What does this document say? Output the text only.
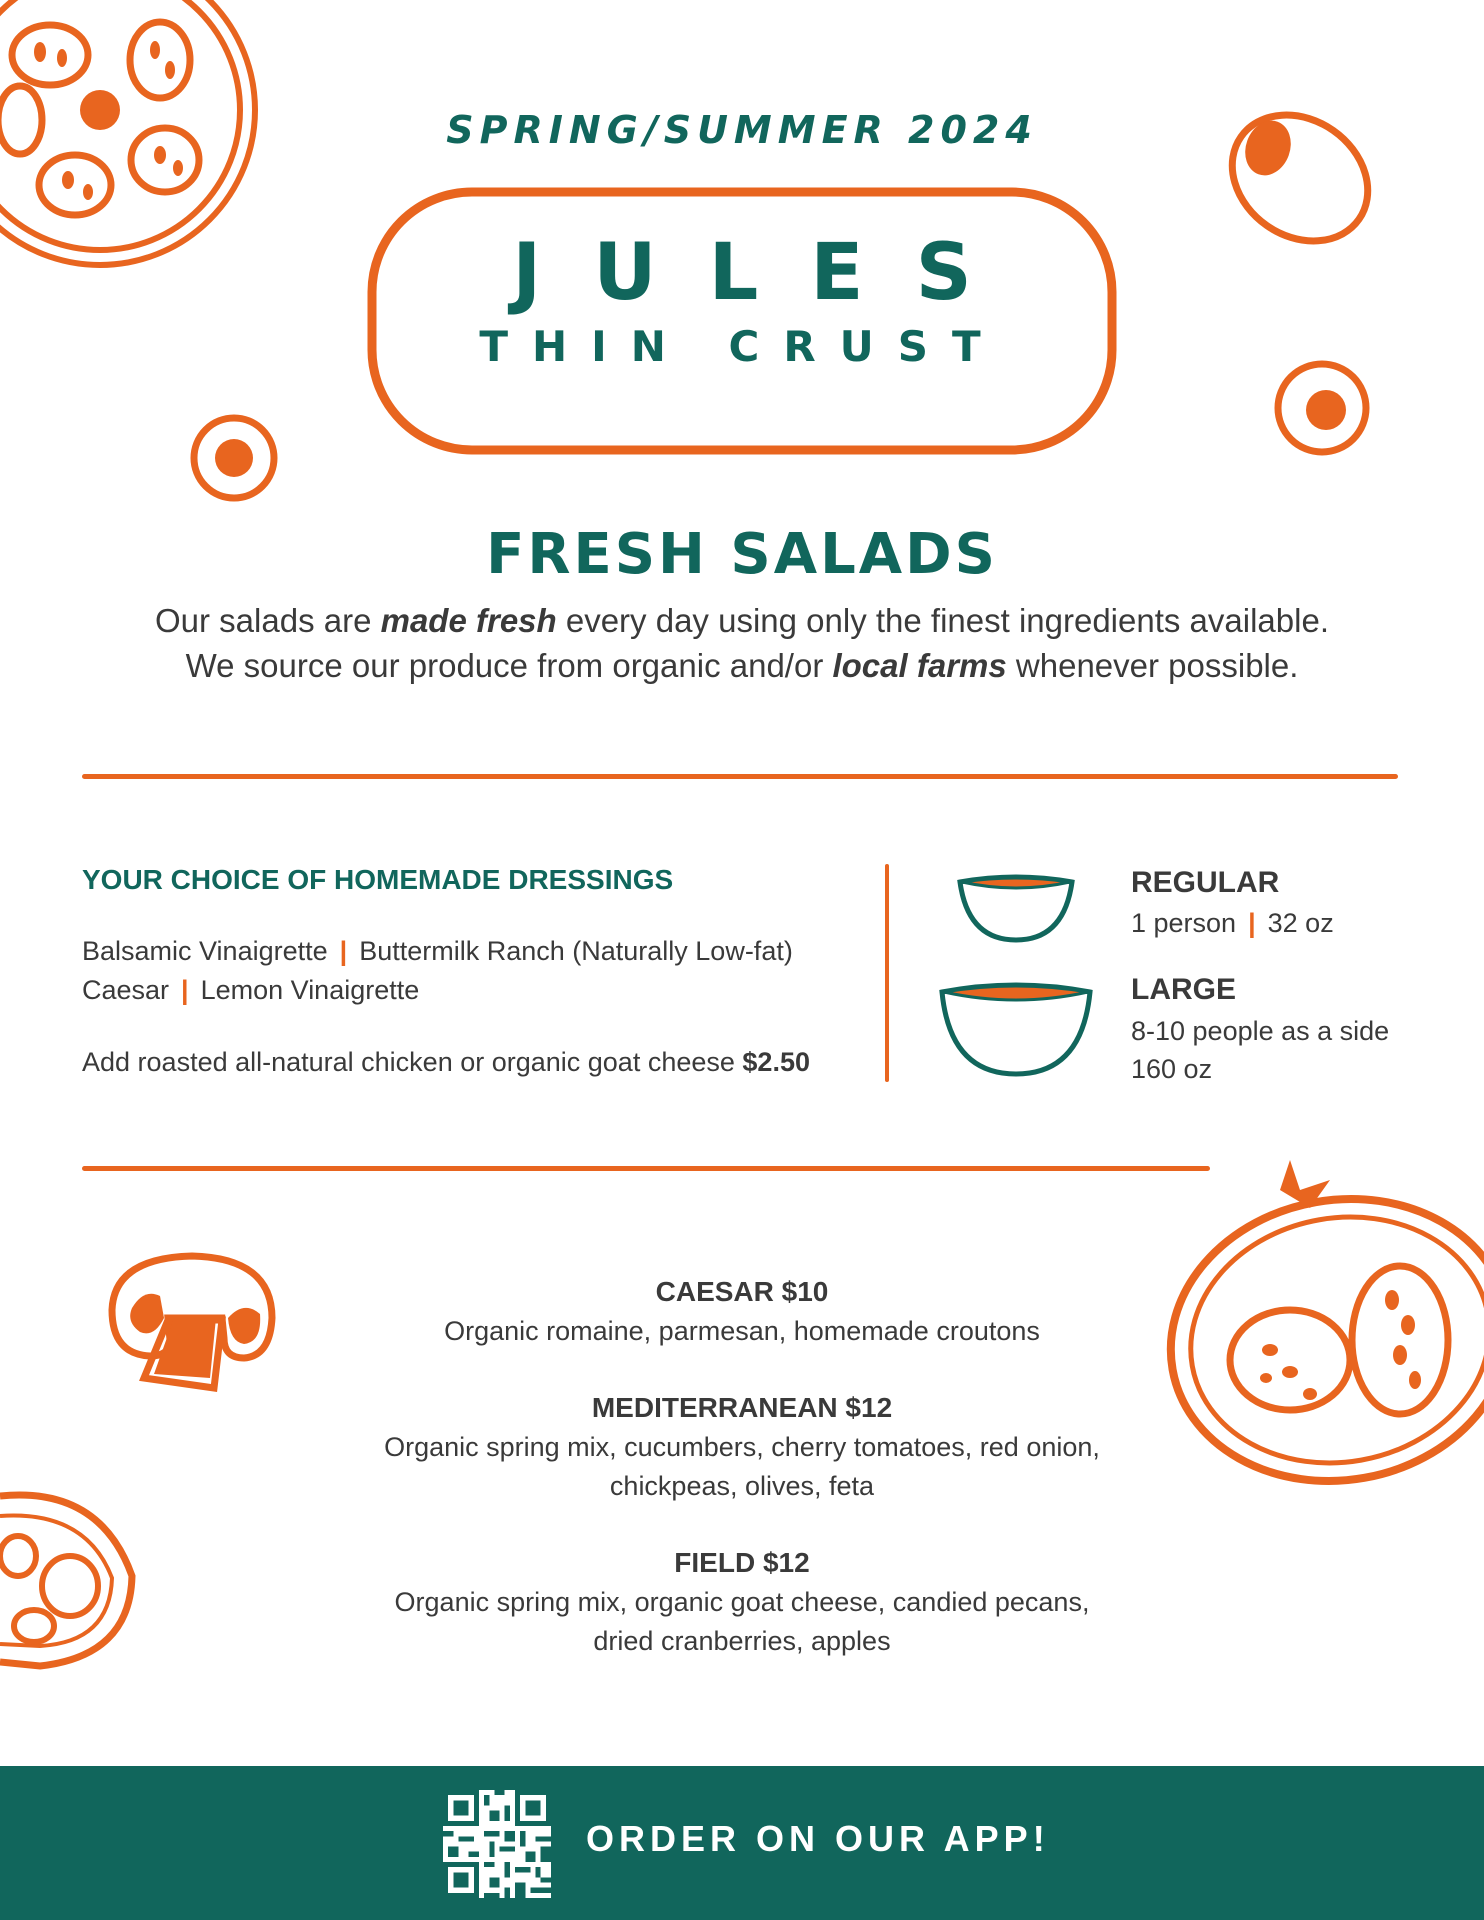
SPRING/SUMMER 2024
JULES
THIN CRUST
FRESH SALADS
Our salads are made fresh every day using only the finest ingredients available.
We source our produce from organic and/or local farms whenever possible.
YOUR CHOICE OF HOMEMADE DRESSINGS
Balsamic Vinaigrette | Buttermilk Ranch (Naturally Low-fat)
Caesar | Lemon Vinaigrette
Add roasted all-natural chicken or organic goat cheese $2.50
REGULAR
1 person | 32 oz
LARGE
8-10 people as a side
160 oz
CAESAR $10
Organic romaine, parmesan, homemade croutons
MEDITERRANEAN $12
Organic spring mix, cucumbers, cherry tomatoes, red onion,
chickpeas, olives, feta
FIELD $12
Organic spring mix, organic goat cheese, candied pecans,
dried cranberries, apples
ORDER ON OUR APP!
